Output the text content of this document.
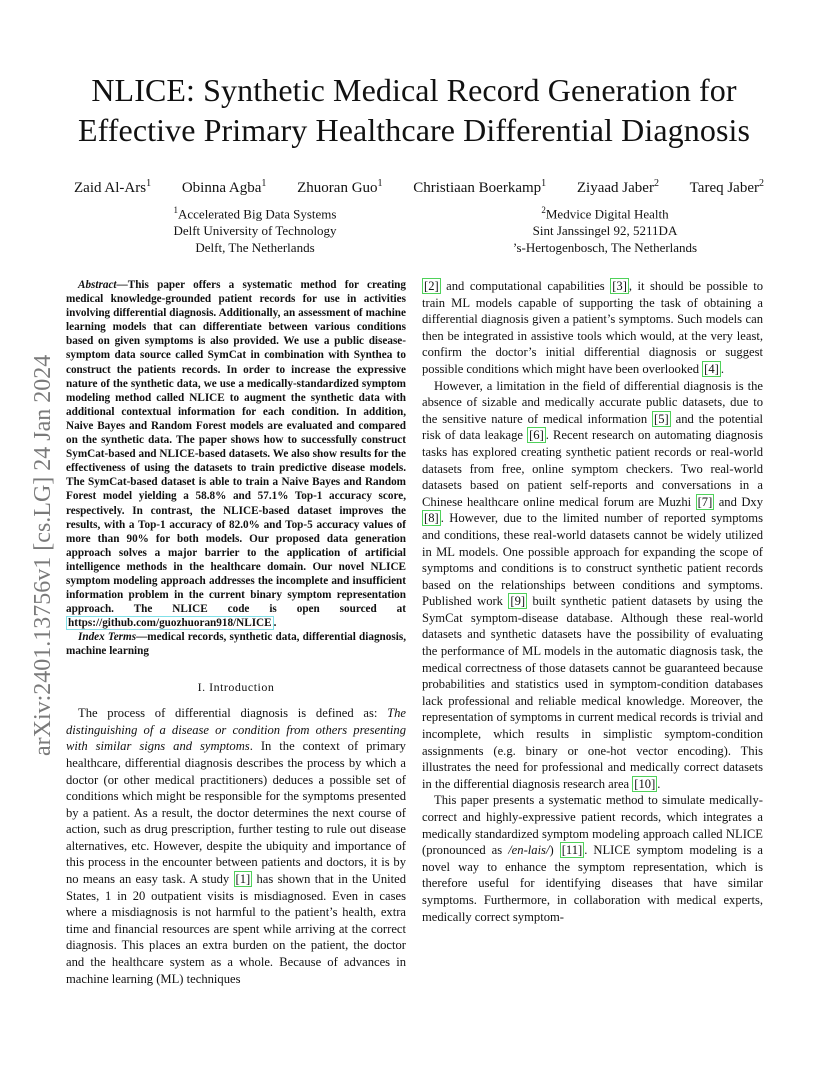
arXiv:2401.13756v1 [cs.LG] 24 Jan 2024
NLICE: Synthetic Medical Record Generation for
Effective Primary Healthcare Differential Diagnosis
Zaid Al-Ars$^1$ Obinna Agba$^1$ Zhuoran Guo$^1$ Christiaan Boerkamp$^1$ Ziyaad Jaber$^2$ Tareq Jaber$^2$
$^1$Accelerated Big Data Systems
Delft University of Technology
Delft, The Netherlands
$^2$Medvice Digital Health
Sint Janssingel 92, 5211DA
’s-Hertogenbosch, The Netherlands
Abstract—This paper offers a systematic method for creating medical knowledge-grounded patient records for use in activities involving differential diagnosis. Additionally, an assessment of machine learning models that can differentiate between various conditions based on given symptoms is also provided. We use a public disease-symptom data source called SymCat in combination with Synthea to construct the patients records. In order to increase the expressive nature of the synthetic data, we use a medically-standardized symptom modeling method called NLICE to augment the synthetic data with additional contextual information for each condition. In addition, Naive Bayes and Random Forest models are evaluated and compared on the synthetic data. The paper shows how to successfully construct SymCat-based and NLICE-based datasets. We also show results for the effectiveness of using the datasets to train predictive disease models. The SymCat-based dataset is able to train a Naive Bayes and Random Forest model yielding a 58.8% and 57.1% Top-1 accuracy score, respectively. In contrast, the NLICE-based dataset improves the results, with a Top-1 accuracy of 82.0% and Top-5 accuracy values of more than 90% for both models. Our proposed data generation approach solves a major barrier to the application of artificial intelligence methods in the healthcare domain. Our novel NLICE symptom modeling approach addresses the incomplete and insufficient information problem in the current binary symptom representation approach. The NLICE code is open sourced at https://github.com/guozhuoran918/NLICE .
Index Terms—medical records, synthetic data, differential diagnosis, machine learning
I. Introduction
The process of differential diagnosis is defined as: The distinguishing of a disease or condition from others presenting with similar signs and symptoms. In the context of primary healthcare, differential diagnosis describes the process by which a doctor (or other medical practitioners) deduces a possible set of conditions which might be responsible for the symptoms presented by a patient. As a result, the doctor determines the next course of action, such as drug prescription, further testing to rule out disease alternatives, etc. However, despite the ubiquity and importance of this process in the encounter between patients and doctors, it is by no means an easy task. A study [1] has shown that in the United States, 1 in 20 outpatient visits is misdiagnosed. Even in cases where a misdiagnosis is not harmful to the patient’s health, extra time and financial resources are spent while arriving at the correct diagnosis. This places an extra burden on the patient, the doctor and the healthcare system as a whole. Because of advances in machine learning (ML) techniques
[2] and computational capabilities [3] , it should be possible to train ML models capable of supporting the task of obtaining a differential diagnosis given a patient’s symptoms. Such models can then be integrated in assistive tools which would, at the very least, confirm the doctor’s initial differential diagnosis or suggest possible conditions which might have been overlooked [4] .
However, a limitation in the field of differential diagnosis is the absence of sizable and medically accurate public datasets, due to the sensitive nature of medical information [5] and the potential risk of data leakage [6] . Recent research on automating diagnosis tasks has explored creating synthetic patient records or real-world datasets from free, online symptom checkers. Two real-world datasets based on patient self-reports and conversations in a Chinese healthcare online medical forum are Muzhi [7] and Dxy [8] . However, due to the limited number of reported symptoms and conditions, these real-world datasets cannot be widely utilized in ML models. One possible approach for expanding the scope of symptoms and conditions is to construct synthetic patient records based on the relationships between conditions and symptoms. Published work [9] built synthetic patient datasets by using the SymCat symptom-disease database. Although these real-world datasets and synthetic datasets have the possibility of evaluating the performance of ML models in the automatic diagnosis task, the medical correctness of those datasets cannot be guaranteed because probabilities and statistics used in symptom-condition databases lack professional and reliable medical knowledge. Moreover, the representation of symptoms in current medical records is trivial and incomplete, which results in simplistic symptom-condition assignments (e.g. binary or one-hot vector encoding). This illustrates the need for professional and medically correct datasets in the differential diagnosis research area [10] .
This paper presents a systematic method to simulate medically-correct and highly-expressive patient records, which integrates a medically standardized symptom modeling approach called NLICE (pronounced as /en-lais/) [11] . NLICE symptom modeling is a novel way to enhance the symptom representation, which is therefore useful for identifying diseases that have similar symptoms. Furthermore, in collaboration with medical experts, medically correct symptom-
